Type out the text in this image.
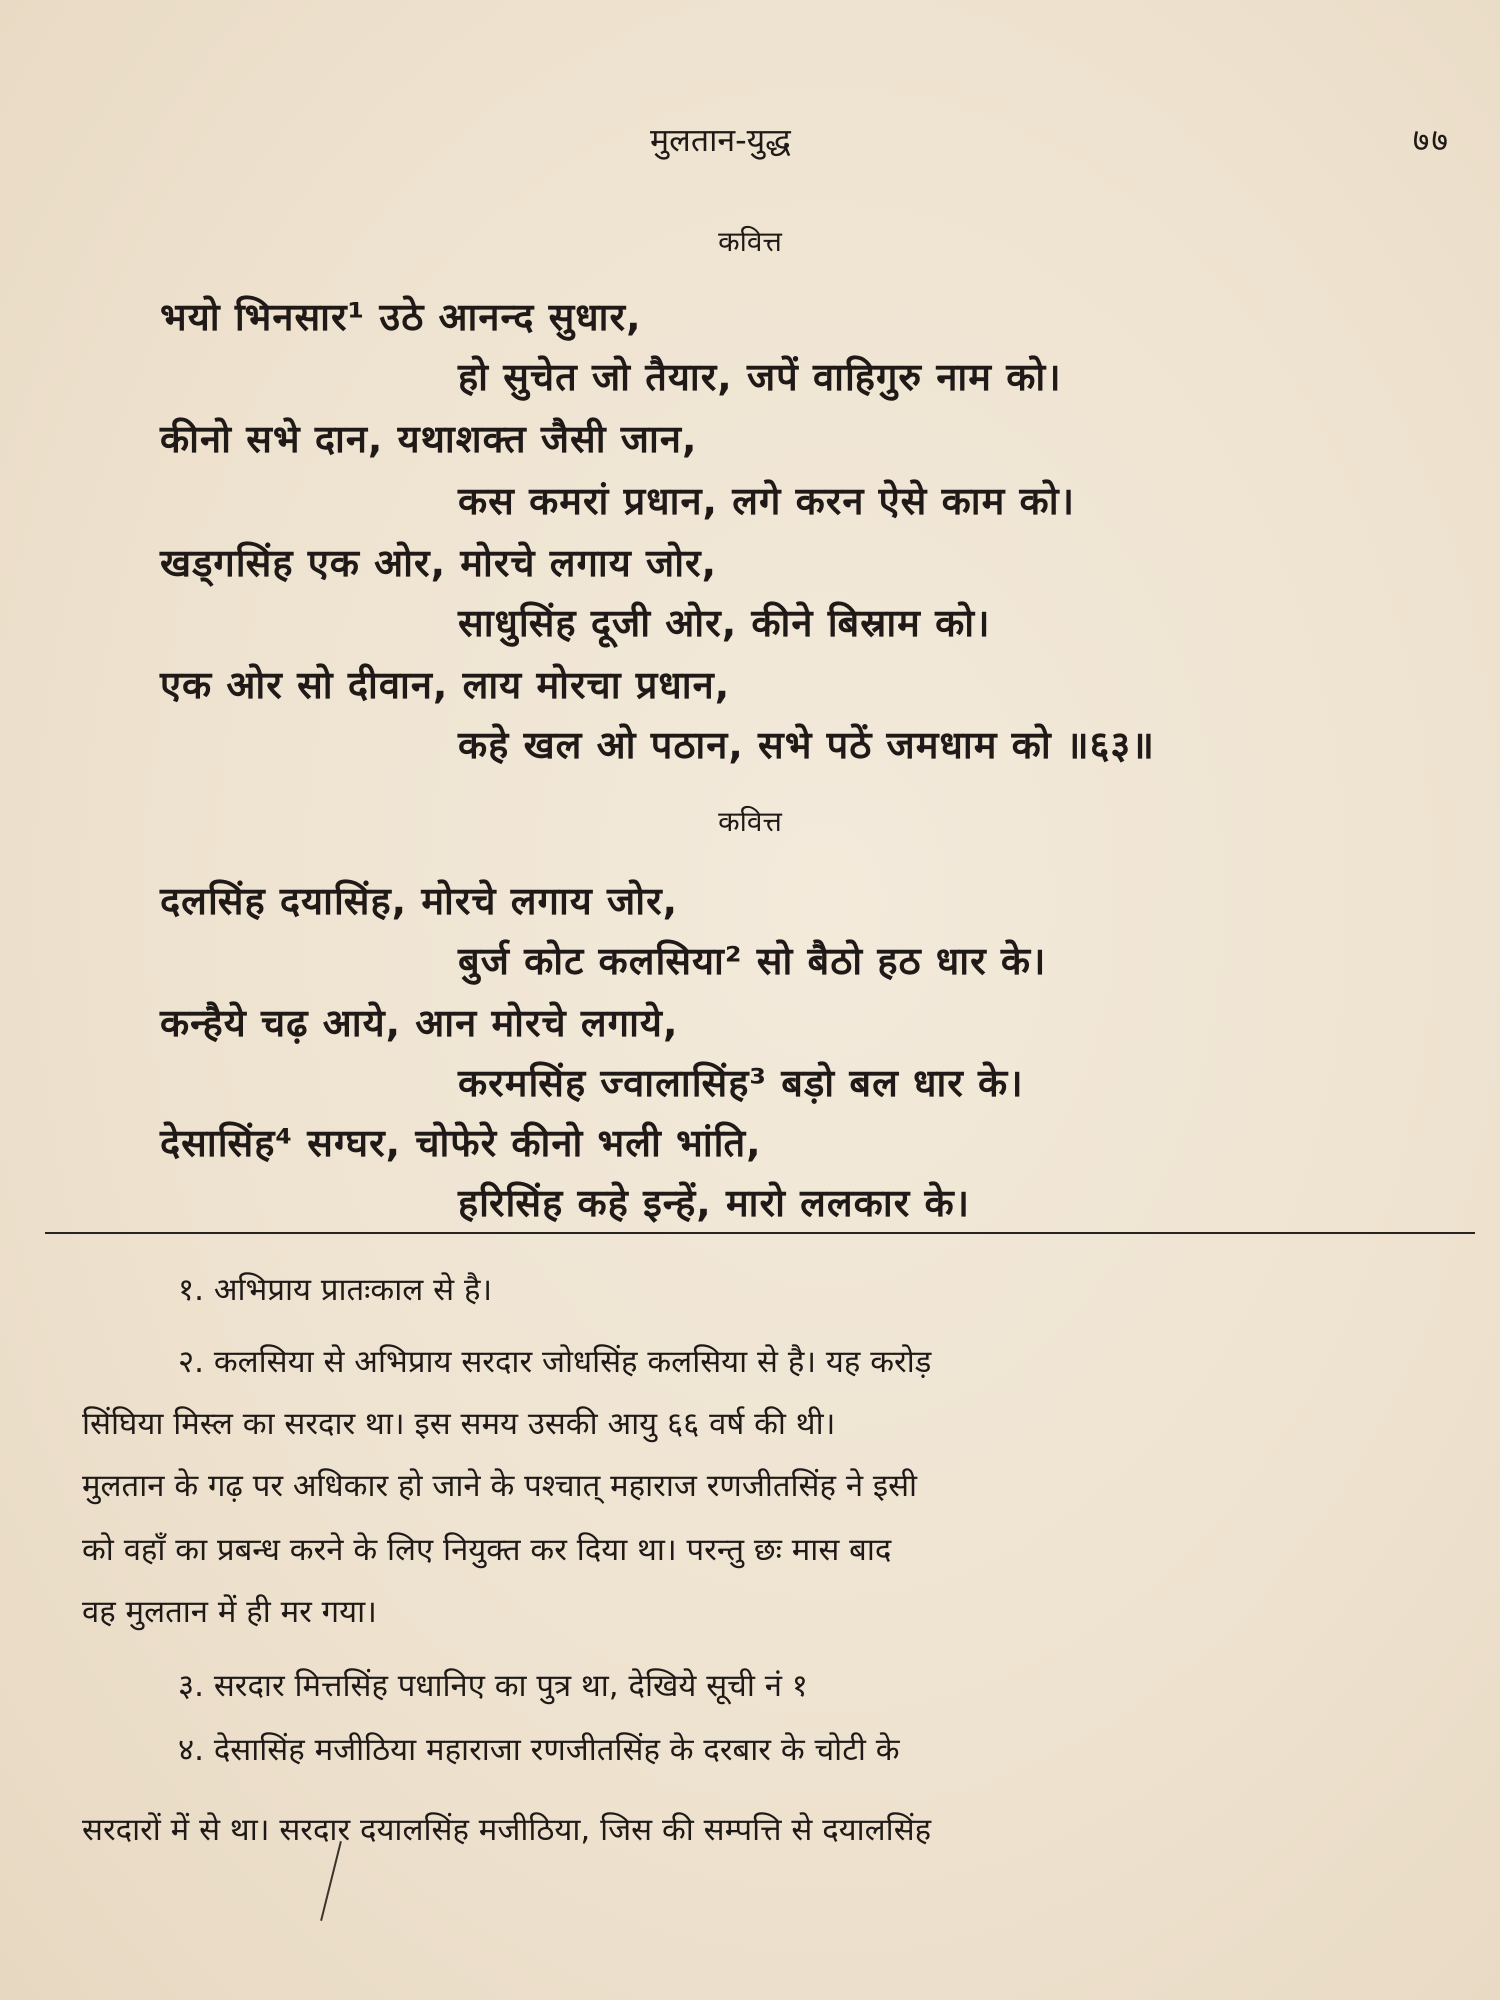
मुलतान-युद्ध	७७
कवित्त
भयो भिनसार¹ उठे आनन्द सुधार,
हो सुचेत जो तैयार, जपें वाहिगुरु नाम को।
कीनो सभे दान, यथाशक्त जैसी जान,
कस कमरां प्रधान, लगे करन ऐसे काम को।
खड्गसिंह एक ओर, मोरचे लगाय जोर,
साधुसिंह दूजी ओर, कीने बिस्राम को।
एक ओर सो दीवान, लाय मोरचा प्रधान,
कहे खल ओ पठान, सभे पठें जमधाम को ॥६३॥
कवित्त
दलसिंह दयासिंह, मोरचे लगाय जोर,
बुर्ज कोट कलसिया² सो बैठो हठ धार के।
कन्हैये चढ़ आये, आन मोरचे लगाये,
करमसिंह ज्वालासिंह³ बड़ो बल धार के।
देसासिंह⁴ सग्घर, चोफेरे कीनो भली भांति,
हरिसिंह कहे इन्हें, मारो ललकार के।
१. अभिप्राय प्रातःकाल से है।
२. कलसिया से अभिप्राय सरदार जोधसिंह कलसिया से है। यह करोड़
सिंघिया मिस्ल का सरदार था। इस समय उसकी आयु ६६ वर्ष की थी।
मुलतान के गढ़ पर अधिकार हो जाने के पश्चात् महाराज रणजीतसिंह ने इसी
को वहाँ का प्रबन्ध करने के लिए नियुक्त कर दिया था। परन्तु छः मास बाद
वह मुलतान में ही मर गया।
३. सरदार मित्तसिंह पधानिए का पुत्र था, देखिये सूची नं १
४. देसासिंह मजीठिया महाराजा रणजीतसिंह के दरबार के चोटी के
सरदारों में से था। सरदार दयालसिंह मजीठिया, जिस की सम्पत्ति से दयालसिंह
